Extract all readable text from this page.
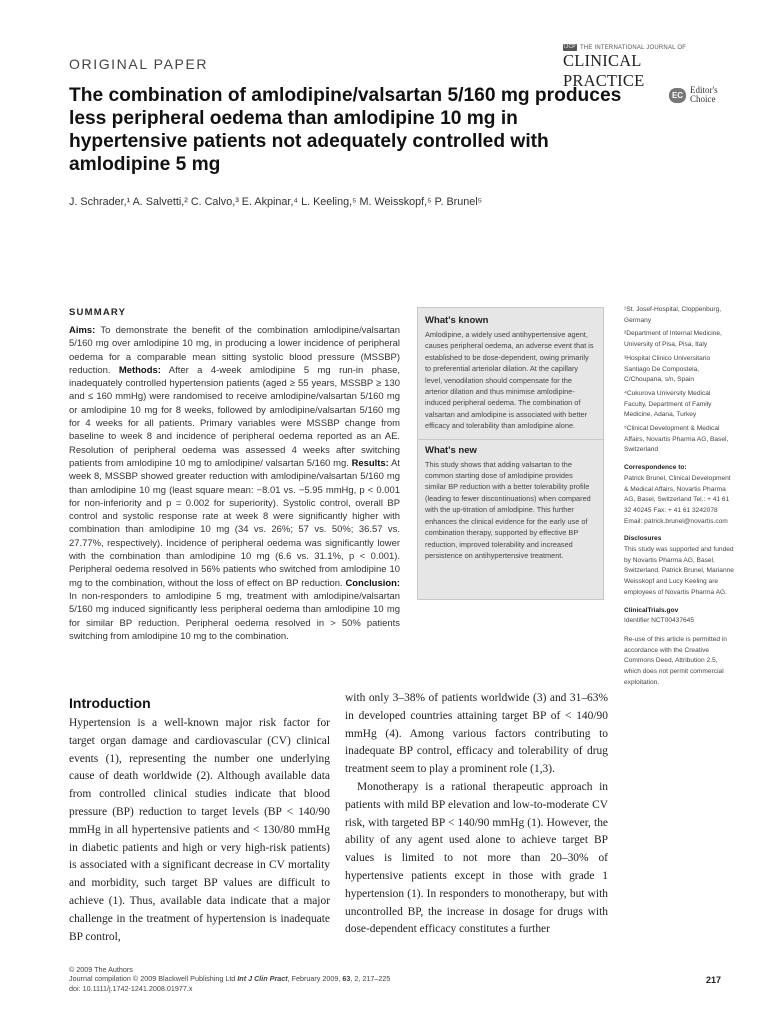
ORIGINAL PAPER
IJCP THE INTERNATIONAL JOURNAL OF
CLINICAL PRACTICE
EC Editor's
Choice
The combination of amlodipine/valsartan 5/160 mg produces less peripheral oedema than amlodipine 10 mg in hypertensive patients not adequately controlled with amlodipine 5 mg
J. Schrader,¹ A. Salvetti,² C. Calvo,³ E. Akpinar,⁴ L. Keeling,⁵ M. Weisskopf,⁵ P. Brunel⁵
SUMMARY
Aims: To demonstrate the benefit of the combination amlodipine/valsartan 5/160 mg over amlodipine 10 mg, in producing a lower incidence of peripheral oedema for a comparable mean sitting systolic blood pressure (MSSBP) reduction. Methods: After a 4-week amlodipine 5 mg run-in phase, inadequately controlled hypertension patients (aged ≥ 55 years, MSSBP ≥ 130 and ≤ 160 mmHg) were randomised to receive amlodipine/valsartan 5/160 mg or amlodipine 10 mg for 8 weeks, followed by amlodipine/valsartan 5/160 mg for 4 weeks for all patients. Primary variables were MSSBP change from baseline to week 8 and incidence of peripheral oedema reported as an AE. Resolution of peripheral oedema was assessed 4 weeks after switching patients from amlodipine 10 mg to amlodipine/ valsartan 5/160 mg. Results: At week 8, MSSBP showed greater reduction with amlodipine/valsartan 5/160 mg than amlodipine 10 mg (least square mean: −8.01 vs. −5.95 mmHg, p < 0.001 for non-inferiority and p = 0.002 for superiority). Systolic control, overall BP control and systolic response rate at week 8 were significantly higher with combination than amlodipine 10 mg (34 vs. 26%; 57 vs. 50%; 36.57 vs. 27.77%, respectively). Incidence of peripheral oedema was significantly lower with the combination than amlodipine 10 mg (6.6 vs. 31.1%, p < 0.001). Peripheral oedema resolved in 56% patients who switched from amlodipine 10 mg to the combination, without the loss of effect on BP reduction. Conclusion: In non-responders to amlodipine 5 mg, treatment with amlodipine/valsartan 5/160 mg induced significantly less peripheral oedema than amlodipine 10 mg for similar BP reduction. Peripheral oedema resolved in > 50% patients switching from amlodipine 10 mg to the combination.
What's known

Amlodipine, a widely used antihypertensive agent, causes peripheral oedema, an adverse event that is established to be dose-dependent, owing primarily to preferential arteriolar dilation. At the capillary level, venodilation should compensate for the arterior dilation and thus minimise amlodipine-induced peripheral oedema. The combination of valsartan and amlodipine is associated with better efficacy and tolerability than amlodipine alone.

What's new

This study shows that adding valsartan to the common starting dose of amlodipine provides similar BP reduction with a better tolerability profile (leading to fewer discontinuations) when compared with the up-titration of amlodipine. This further enhances the clinical evidence for the early use of combination therapy, supported by effective BP reduction, improved tolerability and increased persistence on antihypertensive treatment.

¹St. Josef-Hospital, Cloppenburg, Germany
²Department of Internal Medicine, University of Pisa, Pisa, Italy
³Hospital Clinico Universitario Santiago De Compostela, C/Choupana, s/n, Spain
⁴Cukurova University Medical Faculty, Department of Family Medicine, Adana, Turkey
⁵Clinical Development & Medical Affairs, Novartis Pharma AG, Basel, Switzerland
Correspondence to:
Patrick Brunel, Clinical Development & Medical Affairs, Novartis Pharma AG, Basel, Switzerland Tel.: + 41 61 32 40245 Fax: + 41 61 3242078 Email: patrick.brunel@novartis.com
Disclosures
This study was supported and funded by Novartis Pharma AG, Basel, Switzerland. Patrick Brunel, Marianne Weisskopf and Lucy Keeling are employees of Novartis Pharma AG.
ClinicalTrials.gov
Identifier NCT00437645
Re-use of this article is permitted in accordance with the Creative Commons Deed, Attribution 2.5, which does not permit commercial exploitation.
Introduction

Hypertension is a well-known major risk factor for target organ damage and cardiovascular (CV) clinical events (1), representing the number one underlying cause of death worldwide (2). Although available data from controlled clinical studies indicate that blood pressure (BP) reduction to target levels (BP < 140/90 mmHg in all hypertensive patients and < 130/80 mmHg in diabetic patients and high or very high-risk patients) is associated with a significant decrease in CV mortality and morbidity, such target BP values are difficult to achieve (1). Thus, available data indicate that a major challenge in the treatment of hypertension is inadequate BP control,

with only 3–38% of patients worldwide (3) and 31–63% in developed countries attaining target BP of < 140/90 mmHg (4). Among various factors contributing to inadequate BP control, efficacy and tolerability of drug treatment seem to play a prominent role (1,3).

Monotherapy is a rational therapeutic approach in patients with mild BP elevation and low-to-moderate CV risk, with targeted BP < 140/90 mmHg (1). However, the ability of any agent used alone to achieve target BP values is limited to not more than 20–30% of hypertensive patients except in those with grade 1 hypertension (1). In responders to monotherapy, but with uncontrolled BP, the increase in dosage for drugs with dose-dependent efficacy constitutes a further

© 2009 The Authors
Journal compilation © 2009 Blackwell Publishing Ltd Int J Clin Pract, February 2009, 63, 2, 217–225
doi: 10.1111/j.1742-1241.2008.01977.x
217
